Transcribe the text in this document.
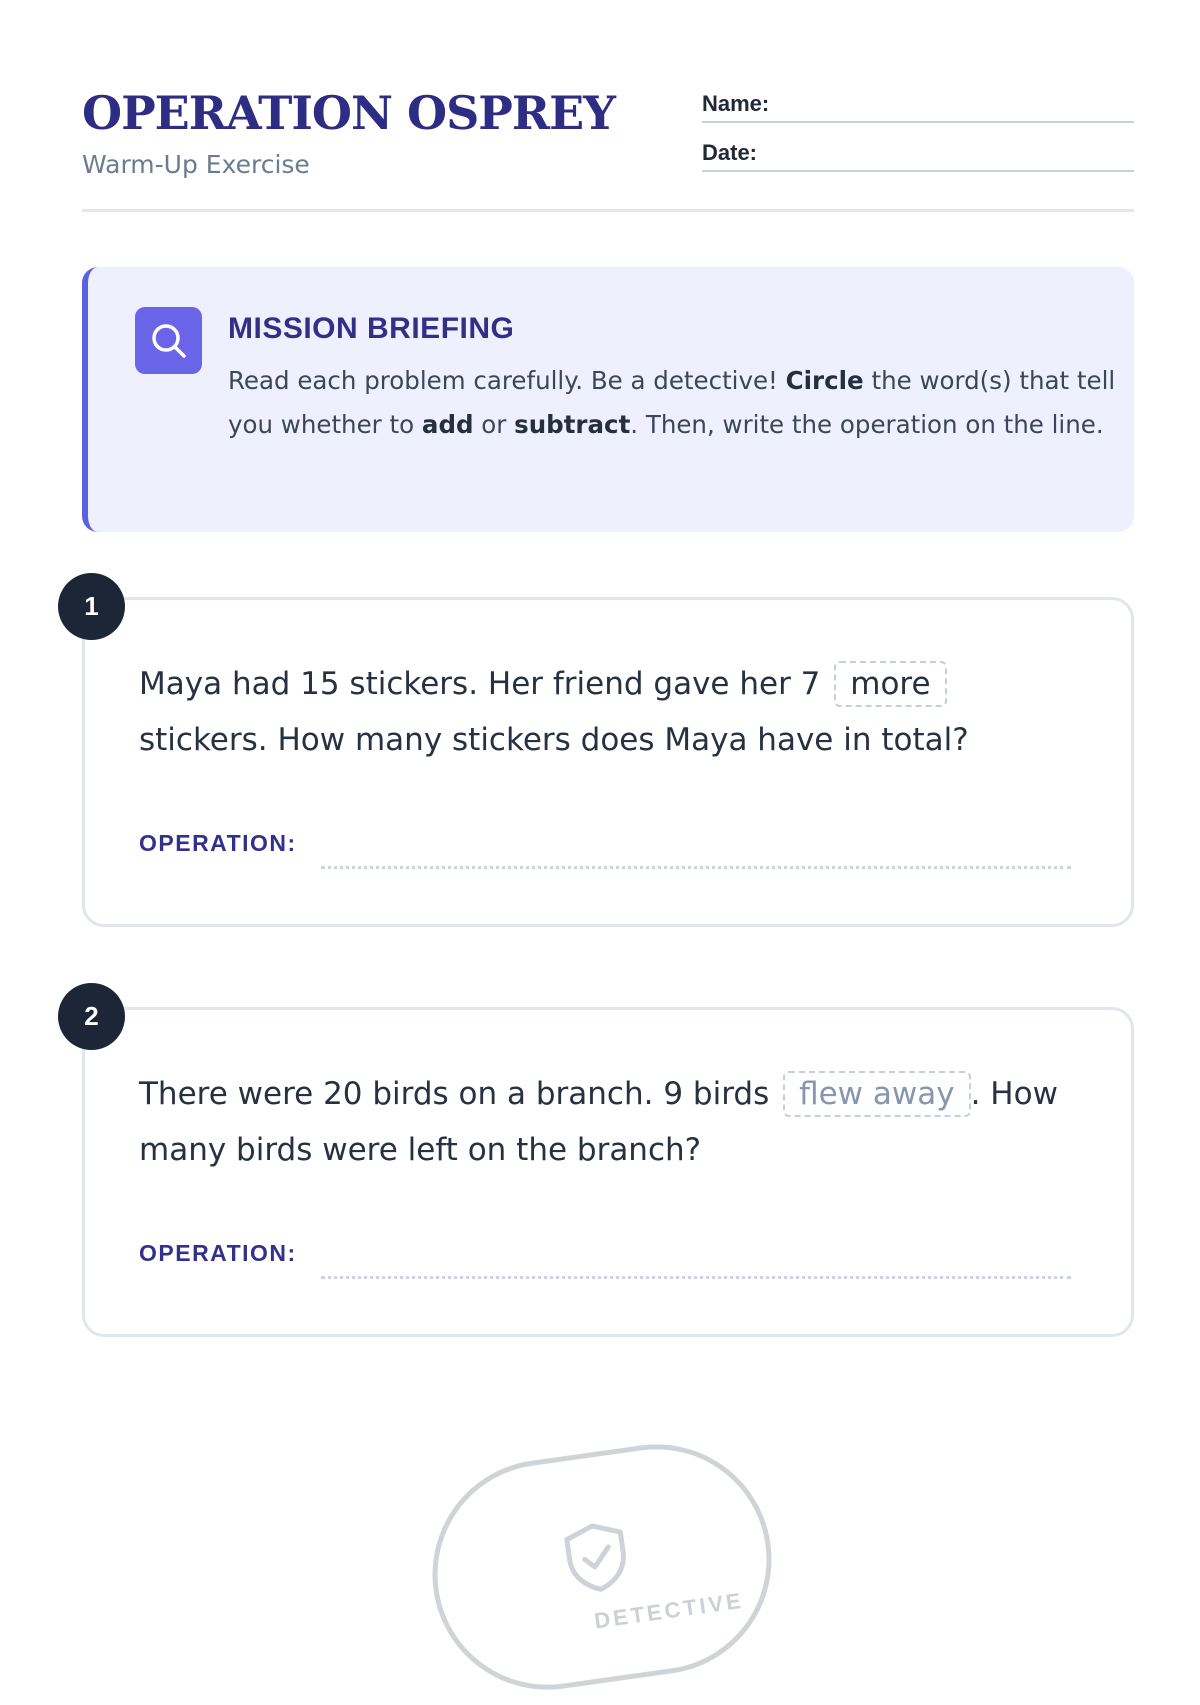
OPERATION OSPREY
Warm-Up Exercise
Name:
Date:
MISSION BRIEFING
Read each problem carefully. Be a detective! Circle the word(s) that tell you whether to add or subtract. Then, write the operation on the line.
1
Maya had 15 stickers. Her friend gave her 7 more
stickers. How many stickers does Maya have in total?
OPERATION:
2
There were 20 birds on a branch. 9 birds flew away . How many birds were left on the branch?
OPERATION:
DETECTIVE
